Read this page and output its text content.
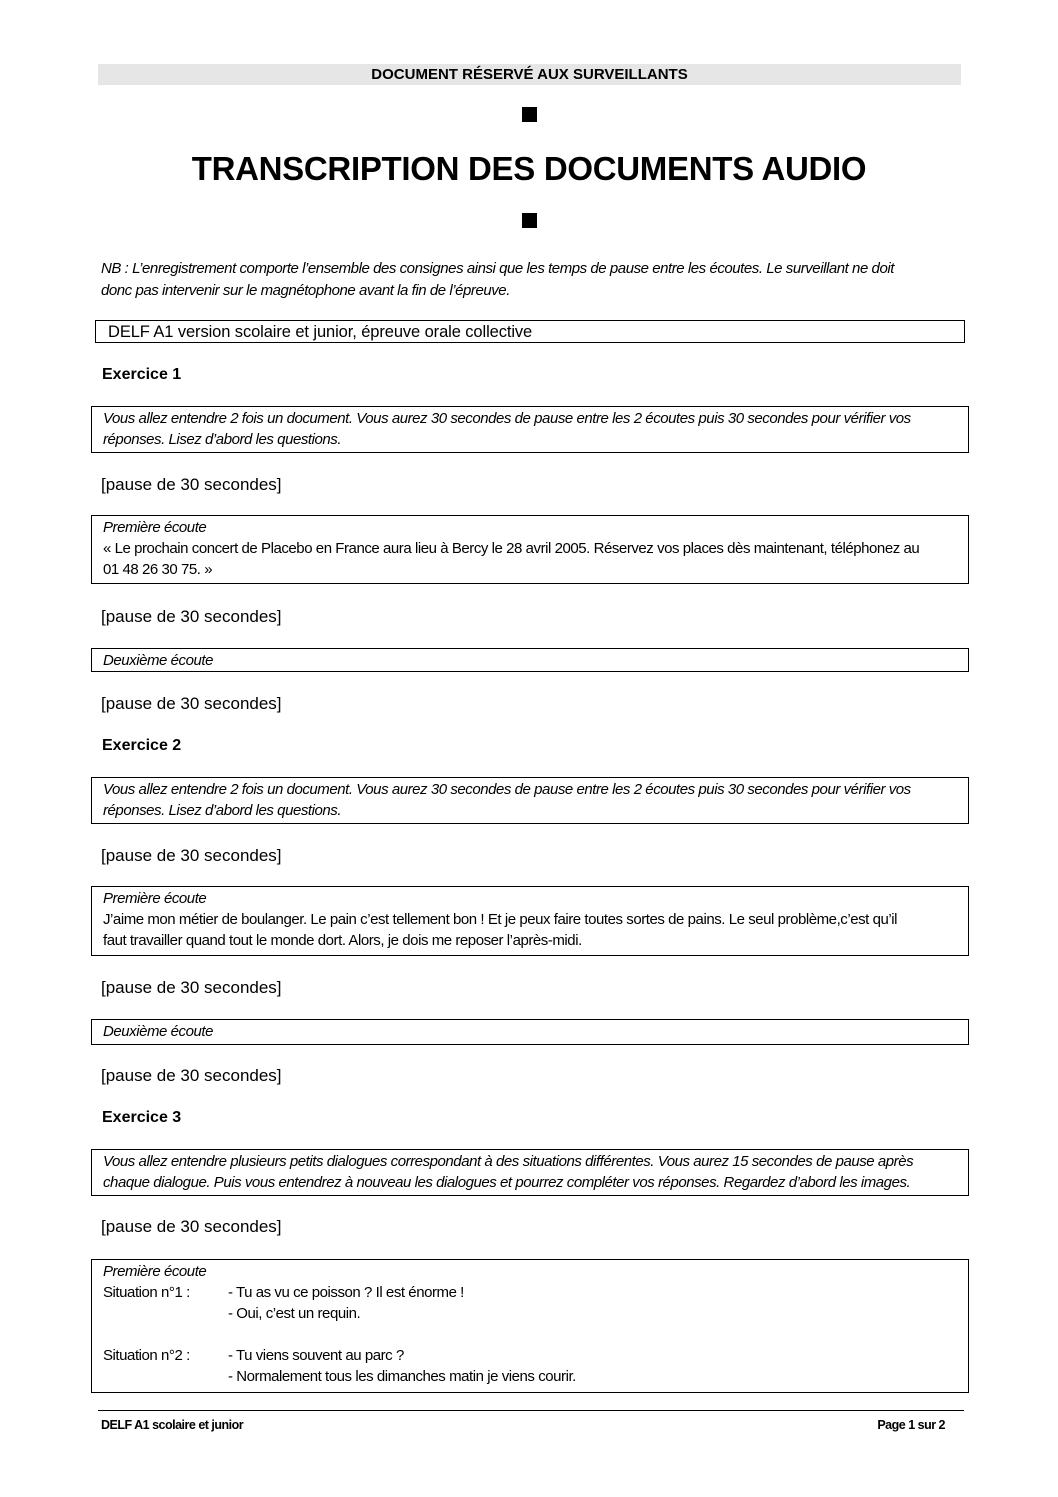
DOCUMENT RÉSERVÉ AUX SURVEILLANTS
TRANSCRIPTION DES DOCUMENTS AUDIO
NB : L’enregistrement comporte l’ensemble des consignes ainsi que les temps de pause entre les écoutes. Le surveillant ne doit
donc pas intervenir sur le magnétophone avant la fin de l’épreuve.
DELF A1 version scolaire et junior, épreuve orale collective
Exercice 1
Vous allez entendre 2 fois un document. Vous aurez 30 secondes de pause entre les 2 écoutes puis 30 secondes pour vérifier vos
réponses. Lisez d’abord les questions.
[pause de 30 secondes]
Première écoute
« Le prochain concert de Placebo en France aura lieu à Bercy le 28 avril 2005. Réservez vos places dès maintenant, téléphonez au
01 48 26 30 75. »
[pause de 30 secondes]
Deuxième écoute
[pause de 30 secondes]
Exercice 2
Vous allez entendre 2 fois un document. Vous aurez 30 secondes de pause entre les 2 écoutes puis 30 secondes pour vérifier vos
réponses. Lisez d’abord les questions.
[pause de 30 secondes]
Première écoute
J’aime mon métier de boulanger. Le pain c’est tellement bon ! Et je peux faire toutes sortes de pains. Le seul problème,c’est qu’il
faut travailler quand tout le monde dort. Alors, je dois me reposer l’après-midi.
[pause de 30 secondes]
Deuxième écoute
[pause de 30 secondes]
Exercice 3
Vous allez entendre plusieurs petits dialogues correspondant à des situations différentes. Vous aurez 15 secondes de pause après
chaque dialogue. Puis vous entendrez à nouveau les dialogues et pourrez compléter vos réponses. Regardez d’abord les images.
[pause de 30 secondes]
Première écoute
Situation n°1 :	- Tu as vu ce poisson ? Il est énorme !
- Oui, c’est un requin.
Situation n°2 :	- Tu viens souvent au parc ?
- Normalement tous les dimanches matin je viens courir.
DELF A1 scolaire et junior	Page 1 sur 2
